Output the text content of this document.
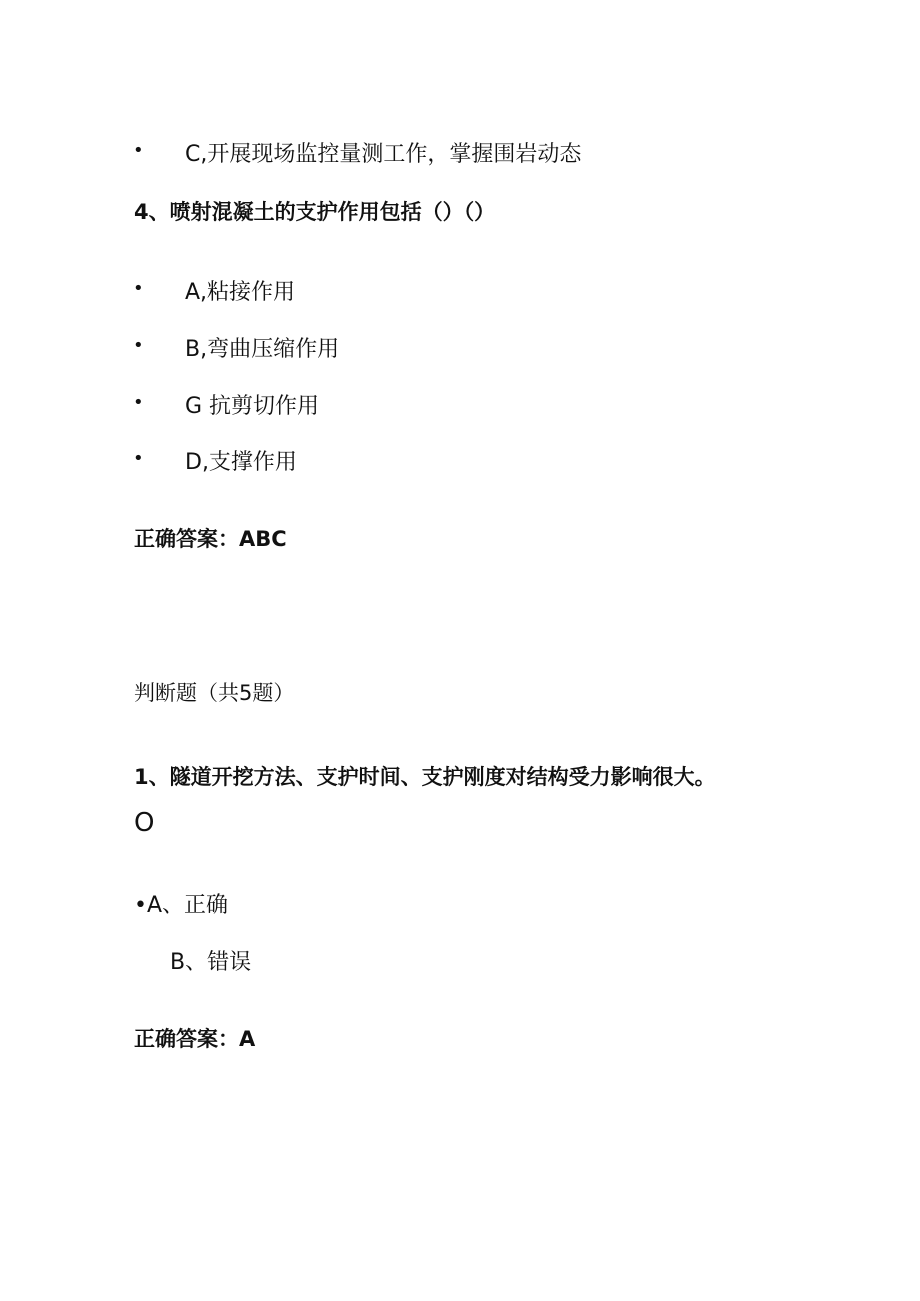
• C,开展现场监控量测工作，掌握围岩动态
4、喷射混凝土的支护作用包括（）（）
• A,粘接作用
• B,弯曲压缩作用
• G 抗剪切作用
• D,支撑作用
正确答案：ABC
判断题（共5题）
1、隧道开挖方法、支护时间、支护刚度对结构受力影响很大。
O
•A、正确
B、错误
正确答案：A
